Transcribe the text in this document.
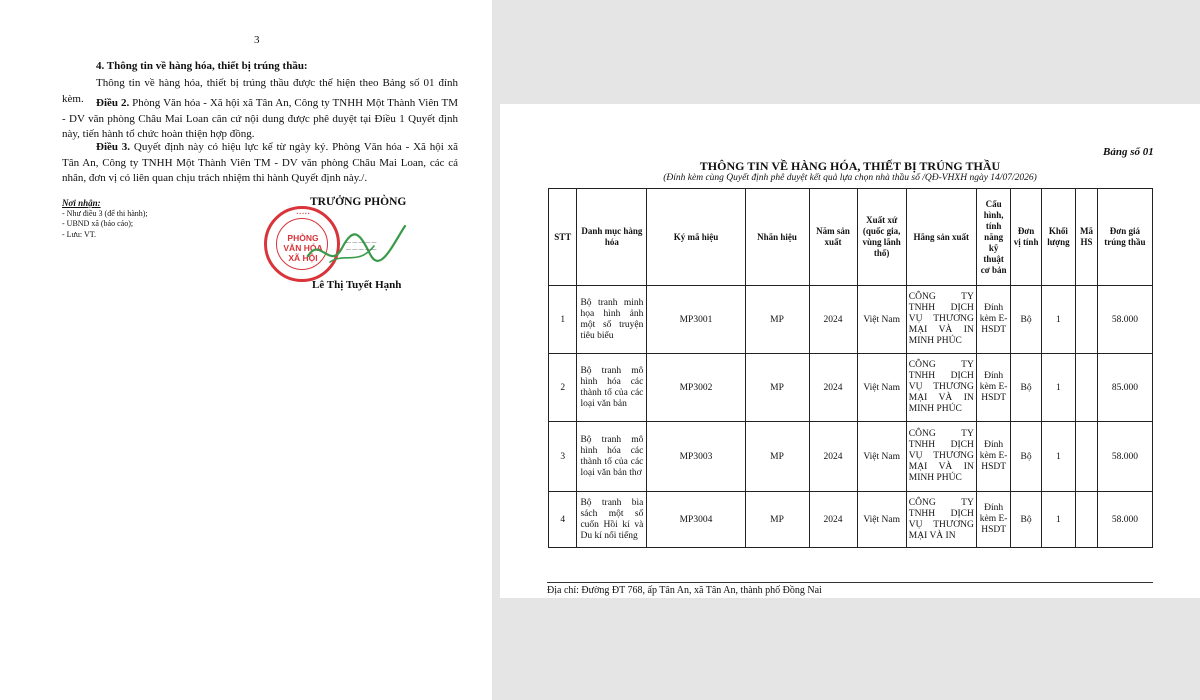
3
4. Thông tin về hàng hóa, thiết bị trúng thầu:
Thông tin về hàng hóa, thiết bị trúng thầu được thể hiện theo Bảng số 01 đính kèm.	Điều 2. Phòng Văn hóa - Xã hội xã Tân An, Công ty TNHH Một Thành Viên TM - DV văn phòng Châu Mai Loan căn cứ nội dung được phê duyệt tại Điều 1 Quyết định này, tiến hành tổ chức hoàn thiện hợp đồng.
Điều 3. Quyết định này có hiệu lực kể từ ngày ký. Phòng Văn hóa - Xã hội xã Tân An, Công ty TNHH Một Thành Viên TM - DV văn phòng Châu Mai Loan, các cá nhân, đơn vị có liên quan chịu trách nhiệm thi hành Quyết định này./.
Nơi nhận:
- Như điều 3 (để thi hành);
- UBND xã (báo cáo);
- Lưu: VT.
TRƯỞNG PHÒNG
• • • • •
PHÒNG
VĂN HÓA
XÃ HỘI
— — — — —
— — — — —
Lê Thị Tuyết Hạnh
Bảng số 01
THÔNG TIN VỀ HÀNG HÓA, THIẾT BỊ TRÚNG THẦU
(Đính kèm cùng Quyết định phê duyệt kết quả lựa chọn nhà thầu số /QĐ-VHXH ngày 14/07/2026)
STT	Danh mục hàng hóa	Ký mã hiệu	Nhãn hiệu	Năm sản xuất	Xuất xứ (quốc gia, vùng lãnh thổ)	Hãng sản xuất	Cấu hình, tính năng kỹ thuật cơ bản	Đơn vị tính	Khối lượng	Mã HS	Đơn giá trúng thầu
1	Bộ tranh minh họa hình ảnh một số truyện tiêu biểu	MP3001	MP	2024	Việt Nam	CÔNG TY TNHH DỊCH VỤ THƯƠNG MẠI VÀ IN MINH PHÚC	Đính kèm E-HSDT	Bộ	1		58.000
2	Bộ tranh mô hình hóa các thành tố của các loại văn bản	MP3002	MP	2024	Việt Nam	CÔNG TY TNHH DỊCH VỤ THƯƠNG MẠI VÀ IN MINH PHÚC	Đính kèm E-HSDT	Bộ	1		85.000
3	Bộ tranh mô hình hóa các thành tố của các loại văn bản thơ	MP3003	MP	2024	Việt Nam	CÔNG TY TNHH DỊCH VỤ THƯƠNG MẠI VÀ IN MINH PHÚC	Đính kèm E-HSDT	Bộ	1		58.000
4	Bộ tranh bìa sách một số cuốn Hồi kí và Du kí nổi tiếng	MP3004	MP	2024	Việt Nam	CÔNG TY TNHH DỊCH VỤ THƯƠNG MẠI VÀ IN	Đính kèm E-HSDT	Bộ	1		58.000
Địa chỉ: Đường ĐT 768, ấp Tân An, xã Tân An, thành phố Đồng Nai
